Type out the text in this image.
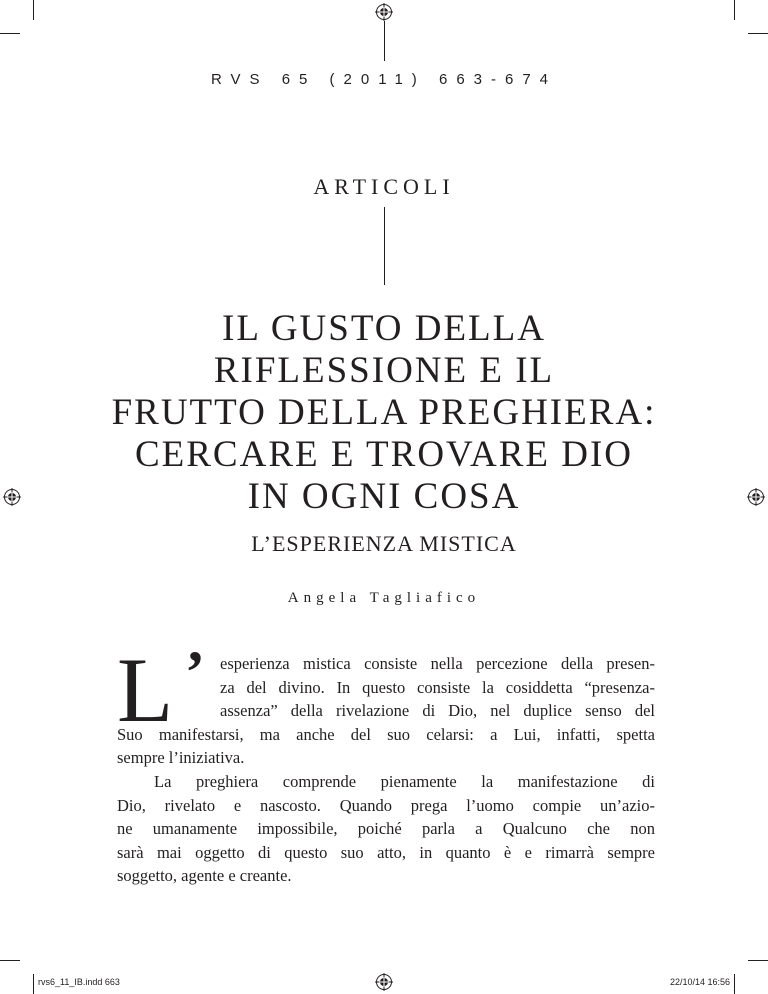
RVS 65 (2011) 663-674
ARTICOLI
IL GUSTO DELLA
RIFLESSIONE E IL
FRUTTO DELLA PREGHIERA:
CERCARE E TROVARE DIO
IN OGNI COSA
L’ESPERIENZA MISTICA
Angela Tagliafico
L ’ esperienza mistica consiste nella percezione della presen-
za del divino. In questo consiste la cosiddetta “presenza-
assenza” della rivelazione di Dio, nel duplice senso del
Suo manifestarsi, ma anche del suo celarsi: a Lui, infatti, spetta
sempre l’iniziativa.
La preghiera comprende pienamente la manifestazione di
Dio, rivelato e nascosto. Quando prega l’uomo compie un’azio-
ne umanamente impossibile, poiché parla a Qualcuno che non
sarà mai oggetto di questo suo atto, in quanto è e rimarrà sempre
soggetto, agente e creante.
rvs6_11_IB.indd 663	22/10/14 16:56
